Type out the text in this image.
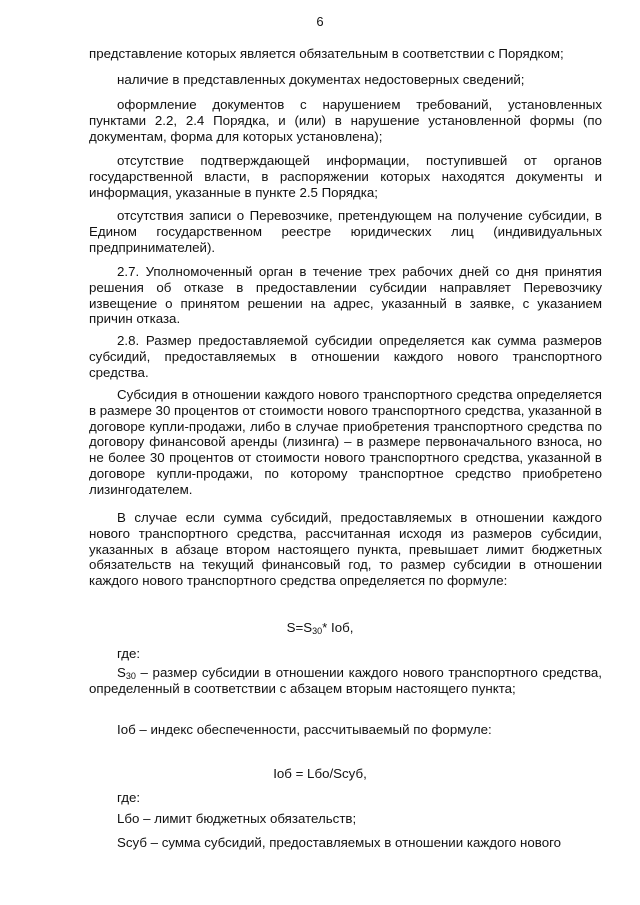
6

представление которых является обязательным в соответствии с Порядком;

наличие в представленных документах недостоверных сведений;

оформление документов с нарушением требований, установленных пунктами 2.2, 2.4 Порядка, и (или) в нарушение установленной формы (по документам, форма для которых установлена);

отсутствие подтверждающей информации, поступившей от органов государственной власти, в распоряжении которых находятся документы и информация, указанные в пункте 2.5 Порядка;

отсутствия записи о Перевозчике, претендующем на получение субсидии, в Едином государственном реестре юридических лиц (индивидуальных предпринимателей).

2.7. Уполномоченный орган в течение трех рабочих дней со дня принятия решения об отказе в предоставлении субсидии направляет Перевозчику извещение о принятом решении на адрес, указанный в заявке, с указанием причин отказа.

2.8. Размер предоставляемой субсидии определяется как сумма размеров субсидий, предоставляемых в отношении каждого нового транспортного средства.

Субсидия в отношении каждого нового транспортного средства определяется в размере 30 процентов от стоимости нового транспортного средства, указанной в договоре купли-продажи, либо в случае приобретения транспортного средства по договору финансовой аренды (лизинга) – в размере первоначального взноса, но не более 30 процентов от стоимости нового транспортного средства, указанной в договоре купли-продажи, по которому транспортное средство приобретено лизингодателем.

В случае если сумма субсидий, предоставляемых в отношении каждого нового транспортного средства, рассчитанная исходя из размеров субсидии, указанных в абзаце втором настоящего пункта, превышает лимит бюджетных обязательств на текущий финансовый год, то размер субсидии в отношении каждого нового транспортного средства определяется по формуле:

$S=S_{30}*$ Iоб,
где:

$S_{30}$ – размер субсидии в отношении каждого нового транспортного средства, определенный в соответствии с абзацем вторым настоящего пункта;

Iоб – индекс обеспеченности, рассчитываемый по формуле:

Iоб = Lбо/Sсуб,
где:

Lбо – лимит бюджетных обязательств;

Sсуб – сумма субсидий, предоставляемых в отношении каждого нового
